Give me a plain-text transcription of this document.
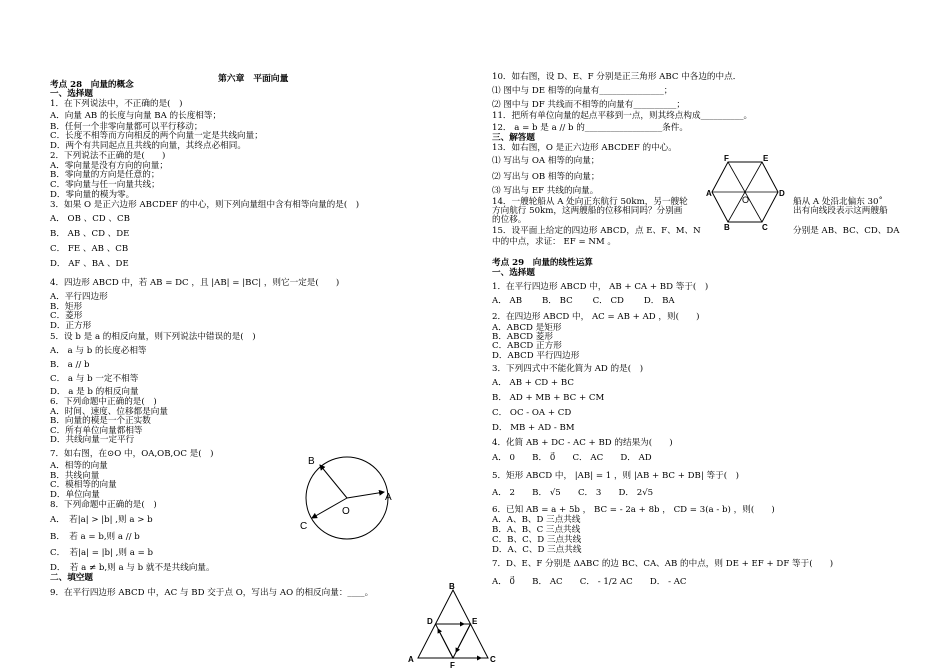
第六章　平面向量
考点 28　向量的概念
一、选择题
1．在下列说法中，不正确的是(　)
A．向量 AB 的长度与向量 BA 的长度相等；
B．任何一个非零向量都可以平行移动；
C．长度不相等而方向相反的两个向量一定是共线向量；
D．两个有共同起点且共线的向量，其终点必相同。
2．下列说法不正确的是(　　)
A．零向量是没有方向的向量；
B．零向量的方向是任意的；
C．零向量与任一向量共线；
D．零向量的模为零。
3．如果 O 是正六边形 ABCDEF 的中心，则下列向量组中含有相等向量的是(　)
A． OB 、CD 、CB
B． AB 、CD 、DE
C． FE 、AB 、CB
D． AF 、BA 、DE
4．四边形 ABCD 中，若 AB = DC ，且 |AB| = |BC| ，则它一定是(　　)
A．平行四边形
B．矩形
C．菱形
D．正方形
5．设 b 是 a 的相反向量，则下列说法中错误的是(　)
A． a 与 b 的长度必相等
B． a // b
C． a 与 b 一定不相等
D． a 是 b 的相反向量
6．下列命题中正确的是(　)
A．时间、速度、位移都是向量
B．向量的模是一个正实数
C．所有单位向量都相等
D．共线向量一定平行
7．如右图，在⊙O 中，OA,OB,OC 是(　)
A．相等的向量
B．共线向量
C．模相等的向量
D．单位向量
8．下列命题中正确的是(　)
A．　若|a| > |b| ,则 a > b
B．　若 a = b,则 a // b
C．　若|a| = |b| ,则 a = b
D．　若 a ≠ b,则 a 与 b 就不是共线向量。
二、填空题
9．在平行四边形 ABCD 中，AC 与 BD 交于点 O，写出与 AO 的相反向量：____。
B
A
C
O
10．如右图，设 D、E、F 分别是正三角形 ABC 中各边的中点．
⑴ 图中与 DE 相等的向量有_______________；
⑵ 图中与 DF 共线而不相等的向量有__________；
11．把所有单位向量的起点平移到一点，则其终点构成__________。
12． a = b 是 a // b 的__________________条件。
三、解答题
13．如右图，O 是正六边形 ABCDEF 的中心。
⑴ 写出与 OA 相等的向量；
⑵ 写出与 OB 相等的向量；
⑶ 写出与 EF 共线的向量。
14．一艘轮船从 A 处向正东航行 50km，另一艘轮
方向航行 50km，这两艘船的位移相同吗？分别画
的位移。
15．设平面上给定的四边形 ABCD，点 E、F、M、N
中的中点，求证： EF = NM 。
考点 29　向量的线性运算
一、选择题
1．在平行四边形 ABCD 中， AB + CA + BD 等于(　)
A． AB 　　B． BC 　　C． CD 　　D． BA
2．在四边形 ABCD 中， AC = AB + AD ，则(　　)
A．ABCD 是矩形
B．ABCD 菱形
C．ABCD 正方形
D．ABCD 平行四边形
3．下列四式中不能化简为 AD 的是(　)
A． AB + CD + BC
B． AD + MB + BC + CM
C． OC - OA + CD
D． MB + AD - BM
4．化简 AB + DC - AC + BD 的结果为(　　)
A． 0　　B． 0⃗　　C． AC　　D． AD
5．矩形 ABCD 中， |AB| = 1 ，则 |AB + BC + DB| 等于(　)
A． 2　　B． √5　　C． 3　　D． 2√5
6．已知 AB = a + 5b ， BC = - 2a + 8b ， CD = 3(a - b) ，则(　　)
A．A、B、D 三点共线
B．A、B、C 三点共线
C．B、C、D 三点共线
D．A、C、D 三点共线
7．D、E、F 分别是 ΔABC 的边 BC、CA、AB 的中点，则 DE + EF + DF 等于(　　)
A． 0⃗　　B． AC　　C． - 1/2 AC　　D． - AC
船从 A 处沿北偏东 30˚
出有向线段表示这两艘船
分别是 AB、BC、CD、DA
F	E
A	D
B	C
O
B
D	E
A
F
C
